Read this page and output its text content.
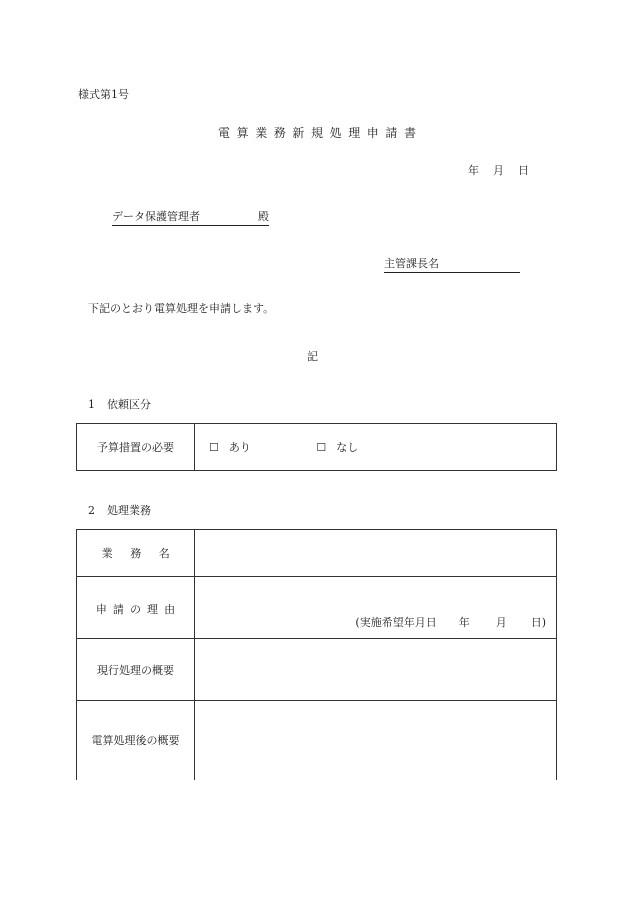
様式第1号
電算業務新規処理申請書
年 月 日
データ保護管理者	殿
主管課長名
下記のとおり電算処理を申請します。
記
1 依頼区分
予算措置の必要	☐ あり	☐ なし
2 処理業務
業務名	
申請の理由	(実施希望年月日 年 月 日)

現行処理の概要	
電算処理後の概要	
